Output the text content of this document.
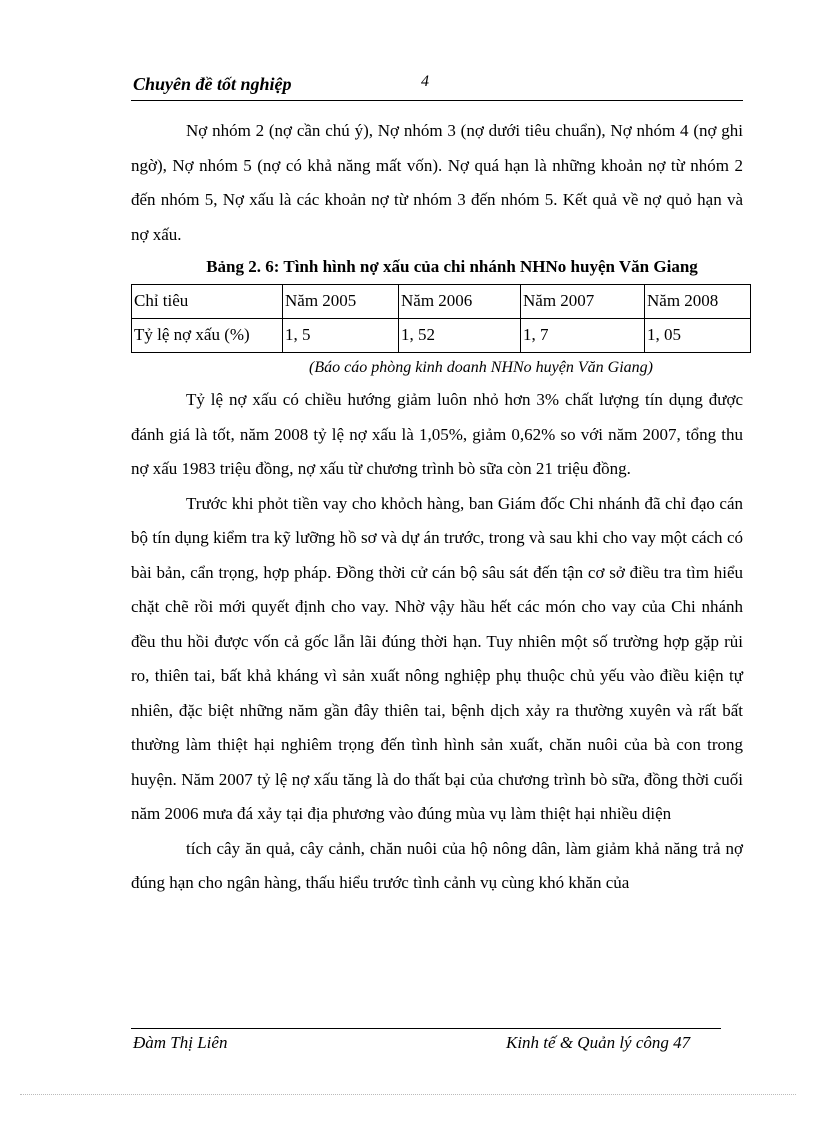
Chuyên đề tốt nghiệp	4

Nợ nhóm 2 (nợ cần chú ý), Nợ nhóm 3 (nợ dưới tiêu chuẩn), Nợ nhóm 4 (nợ ghi ngờ), Nợ nhóm 5 (nợ có khả năng mất vốn). Nợ quá hạn là những khoản nợ từ nhóm 2 đến nhóm 5, Nợ xấu là các khoản nợ từ nhóm 3 đến nhóm 5. Kết quả về nợ quỏ hạn và nợ xấu.

Bảng 2. 6: Tình hình nợ xấu của chi nhánh NHNo huyện Văn Giang

Chỉ tiêu	Năm 2005	Năm 2006	Năm 2007	Năm 2008
Tỷ lệ nợ xấu (%)	1, 5	1, 52	1, 7	1, 05

(Báo cáo phòng kinh doanh NHNo huyện Văn Giang)

Tỷ lệ nợ xấu có chiều hướng giảm luôn nhỏ hơn 3% chất lượng tín dụng được đánh giá là tốt, năm 2008 tỷ lệ nợ xấu là 1,05%, giảm 0,62% so với năm 2007, tổng thu nợ xấu 1983 triệu đồng, nợ xấu từ chương trình bò sữa còn 21 triệu đồng.

Trước khi phỏt tiền vay cho khỏch hàng, ban Giám đốc Chi nhánh đã chỉ đạo cán bộ tín dụng kiểm tra kỹ lưỡng hồ sơ và dự án trước, trong và sau khi cho vay một cách có bài bản, cẩn trọng, hợp pháp. Đồng thời cử cán bộ sâu sát đến tận cơ sở điều tra tìm hiểu chặt chẽ rồi mới quyết định cho vay. Nhờ vậy hầu hết các món cho vay của Chi nhánh đều thu hồi được vốn cả gốc lẫn lãi đúng thời hạn. Tuy nhiên một số trường hợp gặp rủi ro, thiên tai, bất khả kháng vì sản xuất nông nghiệp phụ thuộc chủ yếu vào điều kiện tự nhiên, đặc biệt những năm gần đây thiên tai, bệnh dịch xảy ra thường xuyên và rất bất thường làm thiệt hại nghiêm trọng đến tình hình sản xuất, chăn nuôi của bà con trong huyện. Năm 2007 tỷ lệ nợ xấu tăng là do thất bại của chương trình bò sữa, đồng thời cuối năm 2006 mưa đá xảy tại địa phương vào đúng mùa vụ làm thiệt hại nhiều diện

tích cây ăn quả, cây cảnh, chăn nuôi của hộ nông dân, làm giảm khả năng trả nợ đúng hạn cho ngân hàng, thấu hiểu trước tình cảnh vụ cùng khó khăn của

Đàm Thị Liên	Kinh tế & Quản lý công 47
